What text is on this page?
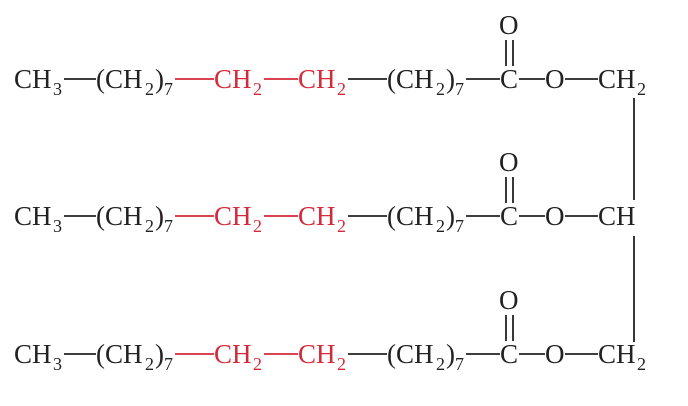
CH 3 (CH 2 ) 7 CH 2 CH 2 (CH 2 ) 7 C
O
O CH 2
CH 3 (CH 2 ) 7 CH 2 CH 2 (CH 2 ) 7 C
O
O CH
CH 3 (CH 2 ) 7 CH 2 CH 2 (CH 2 ) 7 C
O
O CH 2
